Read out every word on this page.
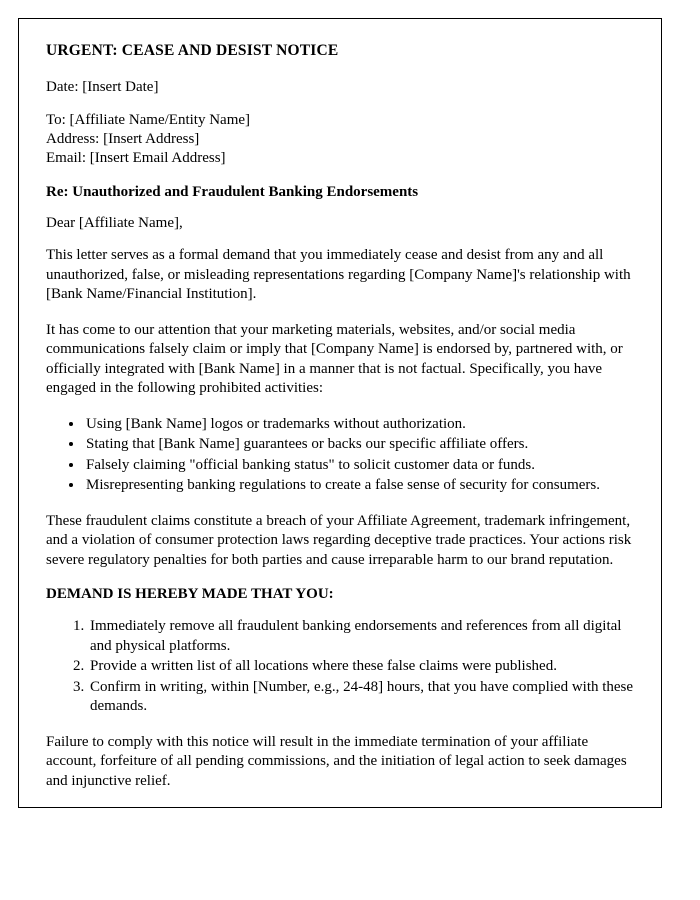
URGENT: CEASE AND DESIST NOTICE
Date: [Insert Date]
To: [Affiliate Name/Entity Name]
Address: [Insert Address]
Email: [Insert Email Address]
Re: Unauthorized and Fraudulent Banking Endorsements
Dear [Affiliate Name],

This letter serves as a formal demand that you immediately cease and desist from any and all unauthorized, false, or misleading representations regarding [Company Name]'s relationship with [Bank Name/Financial Institution].

It has come to our attention that your marketing materials, websites, and/or social media communications falsely claim or imply that [Company Name] is endorsed by, partnered with, or officially integrated with [Bank Name] in a manner that is not factual. Specifically, you have engaged in the following prohibited activities:

• Using [Bank Name] logos or trademarks without authorization.
• Stating that [Bank Name] guarantees or backs our specific affiliate offers.
• Falsely claiming "official banking status" to solicit customer data or funds.
• Misrepresenting banking regulations to create a false sense of security for consumers.

These fraudulent claims constitute a breach of your Affiliate Agreement, trademark infringement, and a violation of consumer protection laws regarding deceptive trade practices. Your actions risk severe regulatory penalties for both parties and cause irreparable harm to our brand reputation.

DEMAND IS HEREBY MADE THAT YOU:
1. Immediately remove all fraudulent banking endorsements and references from all digital and physical platforms.
2. Provide a written list of all locations where these false claims were published.
3. Confirm in writing, within [Number, e.g., 24-48] hours, that you have complied with these demands.

Failure to comply with this notice will result in the immediate termination of your affiliate account, forfeiture of all pending commissions, and the initiation of legal action to seek damages and injunctive relief.
